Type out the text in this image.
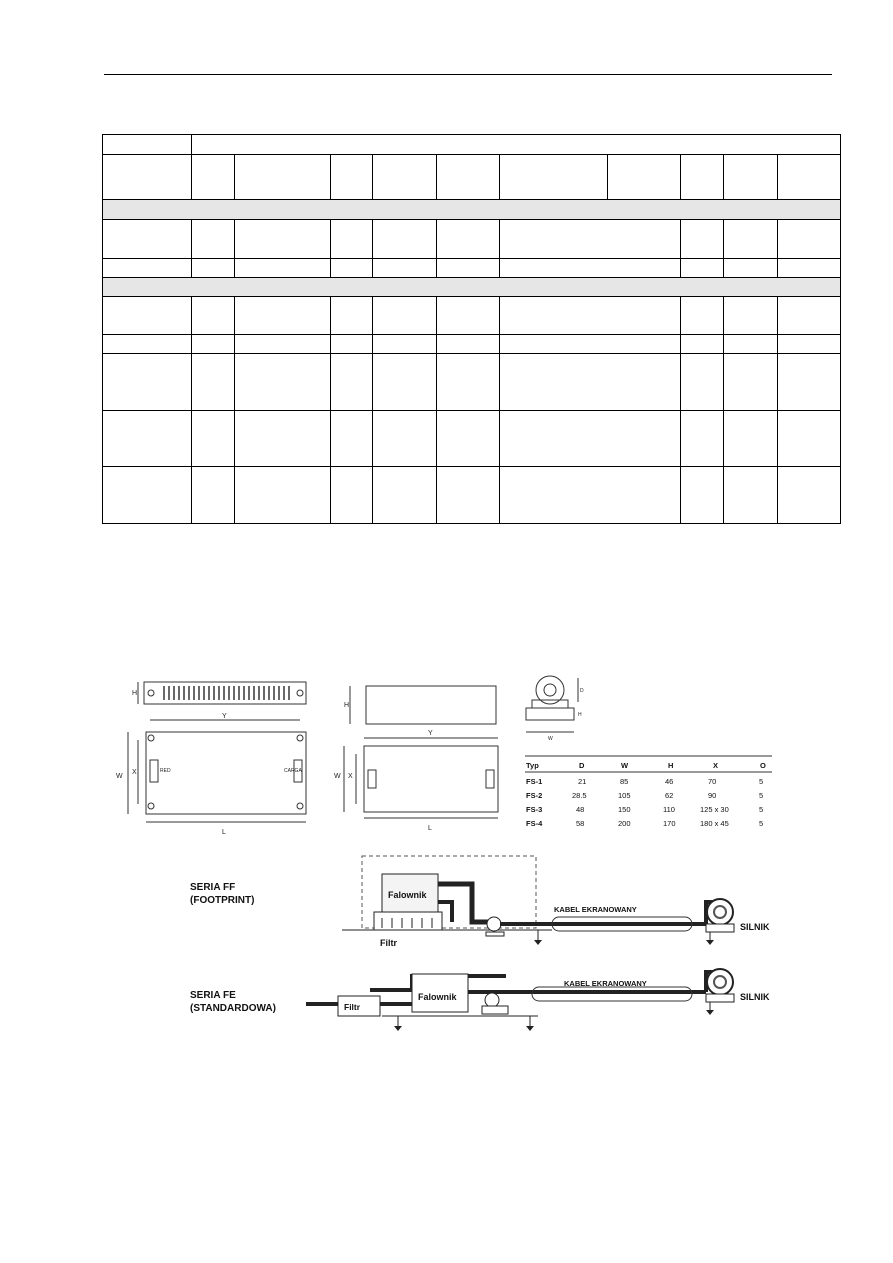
H
Y
W
X
L
RED	CARGA
H
Y
W X
L
D
H
W
Typ	D	W	H	X	O
FS-1	21	85	46	70	5
FS-2	28.5	105	62	90	5
FS-3	48	150	110	125 x 30	5
FS-4	58	200	170	180 x 45	5
SERIA FF
(FOOTPRINT)	Falownik
Filtr
KABEL EKRANOWANY
SILNIK
SERIA FE
(STANDARDOWA)	Filtr
Falownik
KABEL EKRANOWANY
SILNIK
